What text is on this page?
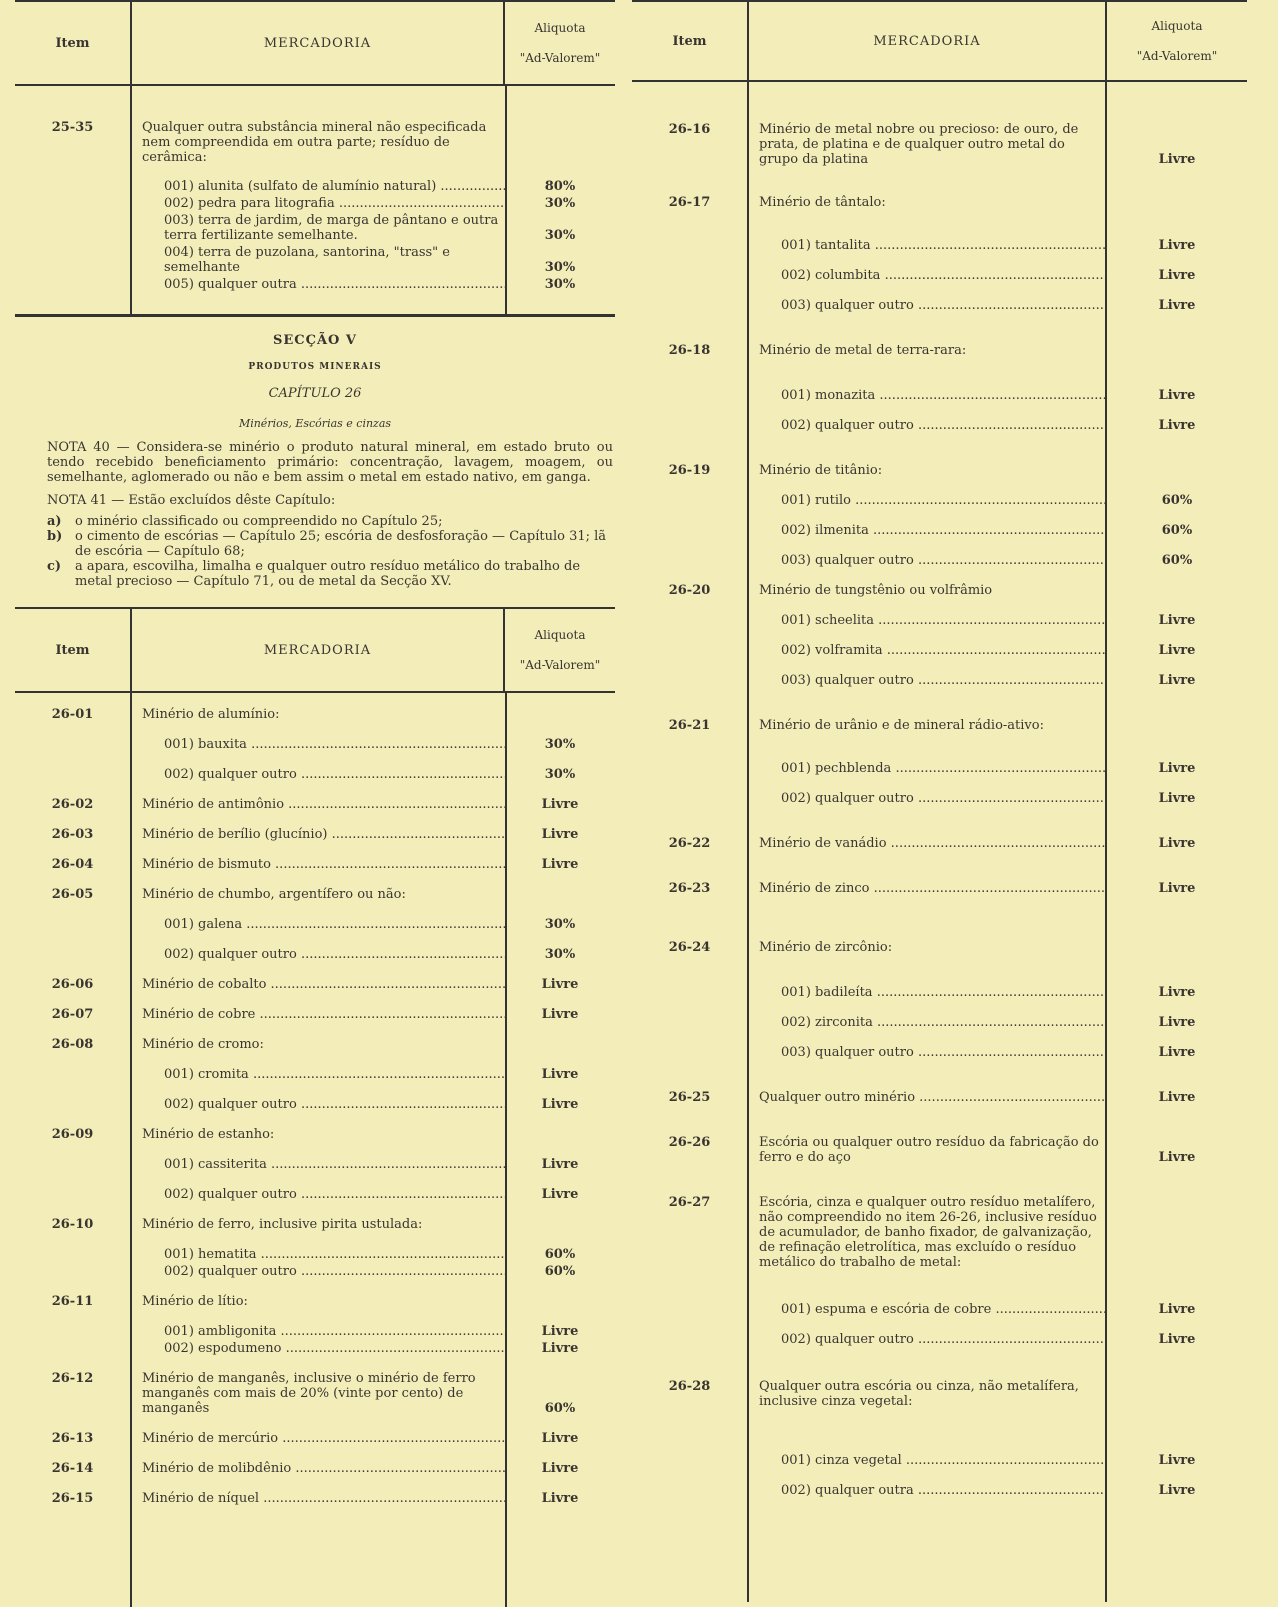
Item	MERCADORIA
Aliquota
"Ad-Valorem"
25-35	Qualquer outra substância mineral não especificada nem compreendida em outra parte; resíduo de cerâmica:
001) alunita (sulfato de alumínio natural) .....	80%
002) pedra para litografia .....	30%
003) terra de jardim, de marga de pântano e outra terra fertilizante semelhante.	30%
004) terra de puzolana, santorina, "trass" e semelhante	30%
005) qualquer outra .....	30%
SECÇÃO V
PRODUTOS MINERAIS
CAPÍTULO 26
Minérios, Escórias e cinzas

NOTA 40 — Considera-se minério o produto natural mineral, em estado bruto ou tendo recebido beneficiamento primário: concentração, lavagem, moagem, ou semelhante, aglomerado ou não e bem assim o metal em estado nativo, em ganga.

NOTA 41 — Estão excluídos dêste Capítulo:

a)	o minério classificado ou compreendido no Capítulo 25;
b) o cimento de escórias — Capítulo 25; escória de desfosforação — Capítulo 31; lã de escória — Capítulo 68;
c)	a apara, escovilha, limalha e qualquer outro resíduo metálico do trabalho de metal precioso — Capítulo 71, ou de metal da Secção XV.
Item	MERCADORIA
Aliquota
"Ad-Valorem"
26-01	Minério de alumínio:
001) bauxita .....	30%
002) qualquer outro .....	30%
26-02	Minério de antimônio .....	Livre
26-03	Minério de berílio (glucínio) .....	Livre
26-04	Minério de bismuto .....	Livre
26-05	Minério de chumbo, argentífero ou não:
001) galena .....	30%
002) qualquer outro .....	30%
26-06	Minério de cobalto .....	Livre
26-07	Minério de cobre .....	Livre
26-08	Minério de cromo:
001) cromita .....	Livre
002) qualquer outro .....	Livre
26-09	Minério de estanho:
001) cassiterita .....	Livre
002) qualquer outro .....	Livre
26-10	Minério de ferro, inclusive pirita ustulada:
001) hematita .....	60%
002) qualquer outro .....	60%
26-11	Minério de lítio:
001) ambligonita .....	Livre
002) espodumeno .....	Livre
26-12	Minério de manganês, inclusive o minério de ferro manganês com mais de 20% (vinte por cento) de manganês	60%
26-13	Minério de mercúrio .....	Livre
26-14	Minério de molibdênio .....	Livre
26-15	Minério de níquel .....	Livre
Item	MERCADORIA
Aliquota
"Ad-Valorem"
26-16	Minério de metal nobre ou precioso: de ouro, de prata, de platina e de qualquer outro metal do grupo da platina	Livre
26-17	Minério de tântalo:
001) tantalita .....	Livre
002) columbita .....	Livre
003) qualquer outro .....	Livre
26-18	Minério de metal de terra-rara:
001) monazita .....	Livre
002) qualquer outro .....	Livre
26-19	Minério de titânio:
001) rutilo .....	60%
002) ilmenita .....	60%
003) qualquer outro .....	60%
26-20	Minério de tungstênio ou volfrâmio
001) scheelita .....	Livre
002) volframita .....	Livre
003) qualquer outro .....	Livre
26-21	Minério de urânio e de mineral rádio-ativo:
001) pechblenda .....	Livre
002) qualquer outro .....	Livre
26-22	Minério de vanádio .....	Livre
26-23	Minério de zinco .....	Livre
26-24	Minério de zircônio:
001) badileíta .....	Livre
002) zirconita .....	Livre
003) qualquer outro .....	Livre
26-25	Qualquer outro minério .....	Livre
26-26	Escória ou qualquer outro resíduo da fabricação do ferro e do aço	Livre
26-27	Escória, cinza e qualquer outro resíduo metalífero, não compreendido no item 26-26, inclusive resíduo de acumulador, de banho fixador, de galvanização, de refinação eletrolítica, mas excluído o resíduo metálico do trabalho de metal:
001) espuma e escória de cobre .....	Livre
002) qualquer outro .....	Livre
26-28	Qualquer outra escória ou cinza, não metalífera, inclusive cinza vegetal:
001) cinza vegetal .....	Livre
002) qualquer outra .....	Livre
